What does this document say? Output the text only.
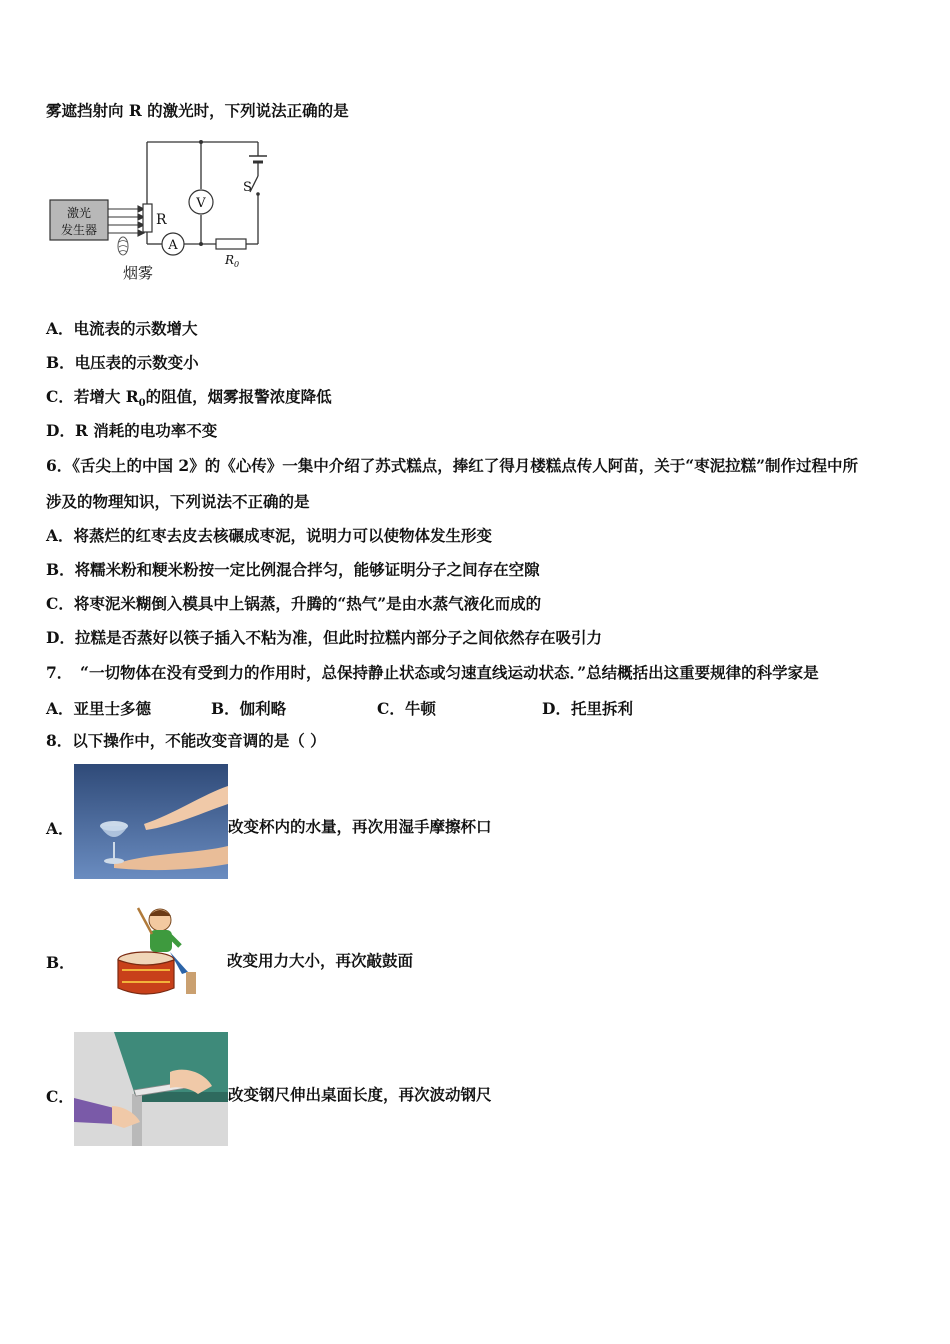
雾遮挡射向 R 的激光时，下列说法正确的是
激光
发生器
烟雾
R
S
V
A
$R_0$
A．电流表的示数增大
B．电压表的示数变小
C．若增大 $R_0$的阻值，烟雾报警浓度降低
D．R 消耗的电功率不变
6．《舌尖上的中国 2》的《心传》一集中介绍了苏式糕点，捧红了得月楼糕点传人阿苗，关于“枣泥拉糕”制作过程中所
涉及的物理知识，下列说法不正确的是
A．将蒸烂的红枣去皮去核碾成枣泥，说明力可以使物体发生形变
B．将糯米粉和粳米粉按一定比例混合拌匀，能够证明分子之间存在空隙
C．将枣泥米糊倒入模具中上锅蒸，升腾的“热气”是由水蒸气液化而成的
D．拉糕是否蒸好以筷子插入不粘为准，但此时拉糕内部分子之间依然存在吸引力
7．　“一切物体在没有受到力的作用时，总保持静止状态或匀速直线运动状态．”总结概括出这重要规律的科学家是
A．亚里士多德	B．伽利略	C．牛顿	D．托里拆利
8．以下操作中，不能改变音调的是（ ）
A．	改变杯内的水量，再次用湿手摩擦杯口
B．	改变用力大小，再次敲鼓面
C．	改变钢尺伸出桌面长度，再次波动钢尺
